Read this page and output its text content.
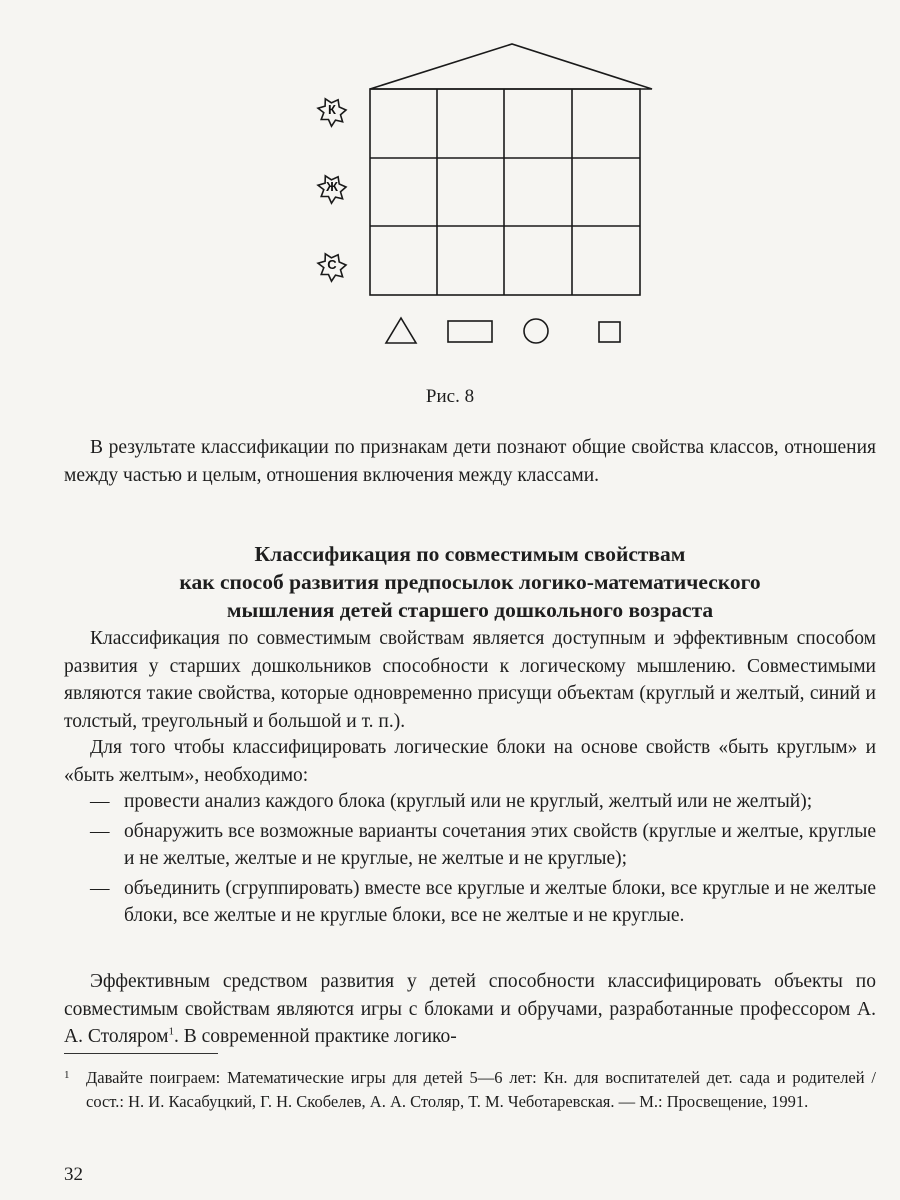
К
Ж
С
Рис. 8

В результате классификации по признакам дети познают общие свойства классов, отношения между частью и целым, отношения включения между классами.

Классификация по совместимым свойствам
как способ развития предпосылок логико-математического
мышления детей старшего дошкольного возраста

Классификация по совместимым свойствам является доступным и эффективным способом развития у старших дошкольников способности к логическому мышлению. Совместимыми являются такие свойства, которые одновременно присущи объектам (круглый и желтый, синий и толстый, треугольный и большой и т. п.).

Для того чтобы классифицировать логические блоки на основе свойств «быть круглым» и «быть желтым», необходимо:

— провести анализ каждого блока (круглый или не круглый, желтый или не желтый);
— обнаружить все возможные варианты сочетания этих свойств (круглые и желтые, круглые и не желтые, желтые и не круглые, не желтые и не круглые);
— объединить (сгруппировать) вместе все круглые и желтые блоки, все круглые и не желтые блоки, все желтые и не круглые блоки, все не желтые и не круглые.

Эффективным средством развития у детей способности классифицировать объекты по совместимым свойствам являются игры с блоками и обручами, разработанные профессором А. А. Столяром$^1$. В современной практике логико-

1	Давайте поиграем: Математические игры для детей 5—6 лет: Кн. для воспитателей дет. сада и родителей / сост.: Н. И. Касабуцкий, Г. Н. Скобелев, А. А. Столяр, Т. М. Чеботаревская. — М.: Просвещение, 1991.
32
